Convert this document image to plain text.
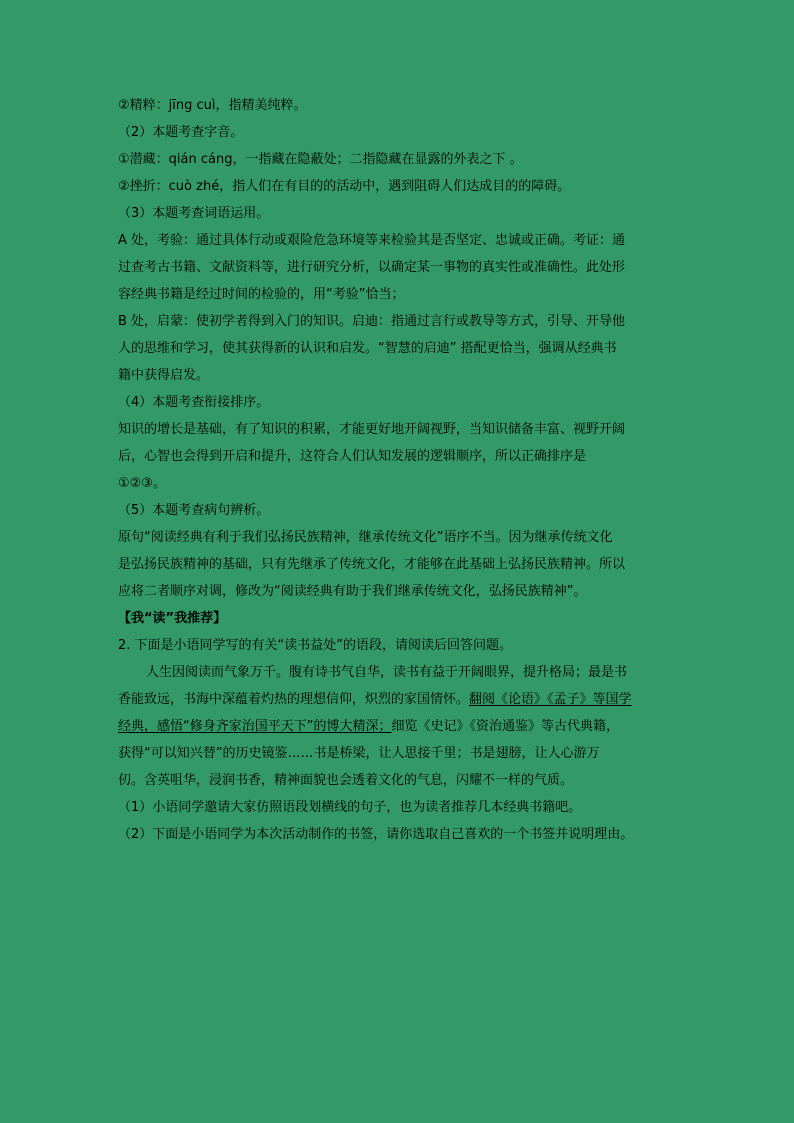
②精粹：jīng cuì，指精美纯粹。
（2）本题考查字音。
①潜藏：qián cáng，一指藏在隐蔽处；二指隐藏在显露的外表之下 。
②挫折：cuò zhé，指人们在有目的的活动中，遇到阻碍人们达成目的的障碍。
（3）本题考查词语运用。
A 处，考验：通过具体行动或艰险危急环境等来检验其是否坚定、忠诚或正确。考证：通
过查考古书籍、文献资料等，进行研究分析，以确定某一事物的真实性或准确性。此处形
容经典书籍是经过时间的检验的，用“考验”恰当；
B 处，启蒙：使初学者得到入门的知识。启迪：指通过言行或教导等方式，引导、开导他
人的思维和学习，使其获得新的认识和启发。“智慧的启迪” 搭配更恰当，强调从经典书
籍中获得启发。
（4）本题考查衔接排序。
知识的增长是基础，有了知识的积累，才能更好地开阔视野，当知识储备丰富、视野开阔
后，心智也会得到开启和提升，这符合人们认知发展的逻辑顺序，所以正确排序是
①②③。
（5）本题考查病句辨析。
原句“阅读经典有利于我们弘扬民族精神，继承传统文化”语序不当。因为继承传统文化
是弘扬民族精神的基础，只有先继承了传统文化，才能够在此基础上弘扬民族精神。所以
应将二者顺序对调，修改为“阅读经典有助于我们继承传统文化，弘扬民族精神”。
【我“读”我推荐】
2. 下面是小语同学写的有关“读书益处”的语段，请阅读后回答问题。
人生因阅读而气象万千。腹有诗书气自华，读书有益于开阔眼界，提升格局；最是书
香能致远，书海中深蕴着灼热的理想信仰，炽烈的家国情怀。翻阅《论语》《孟子》等国学
经典，感悟“修身齐家治国平天下”的博大精深；细览《史记》《资治通鉴》等古代典籍，
获得“可以知兴替”的历史镜鉴……书是桥梁，让人思接千里；书是翅膀，让人心游万
仞。含英咀华，浸润书香，精神面貌也会透着文化的气息，闪耀不一样的气质。
（1）小语同学邀请大家仿照语段划横线的句子，也为读者推荐几本经典书籍吧。
（2）下面是小语同学为本次活动制作的书签，请你选取自己喜欢的一个书签并说明理由。
